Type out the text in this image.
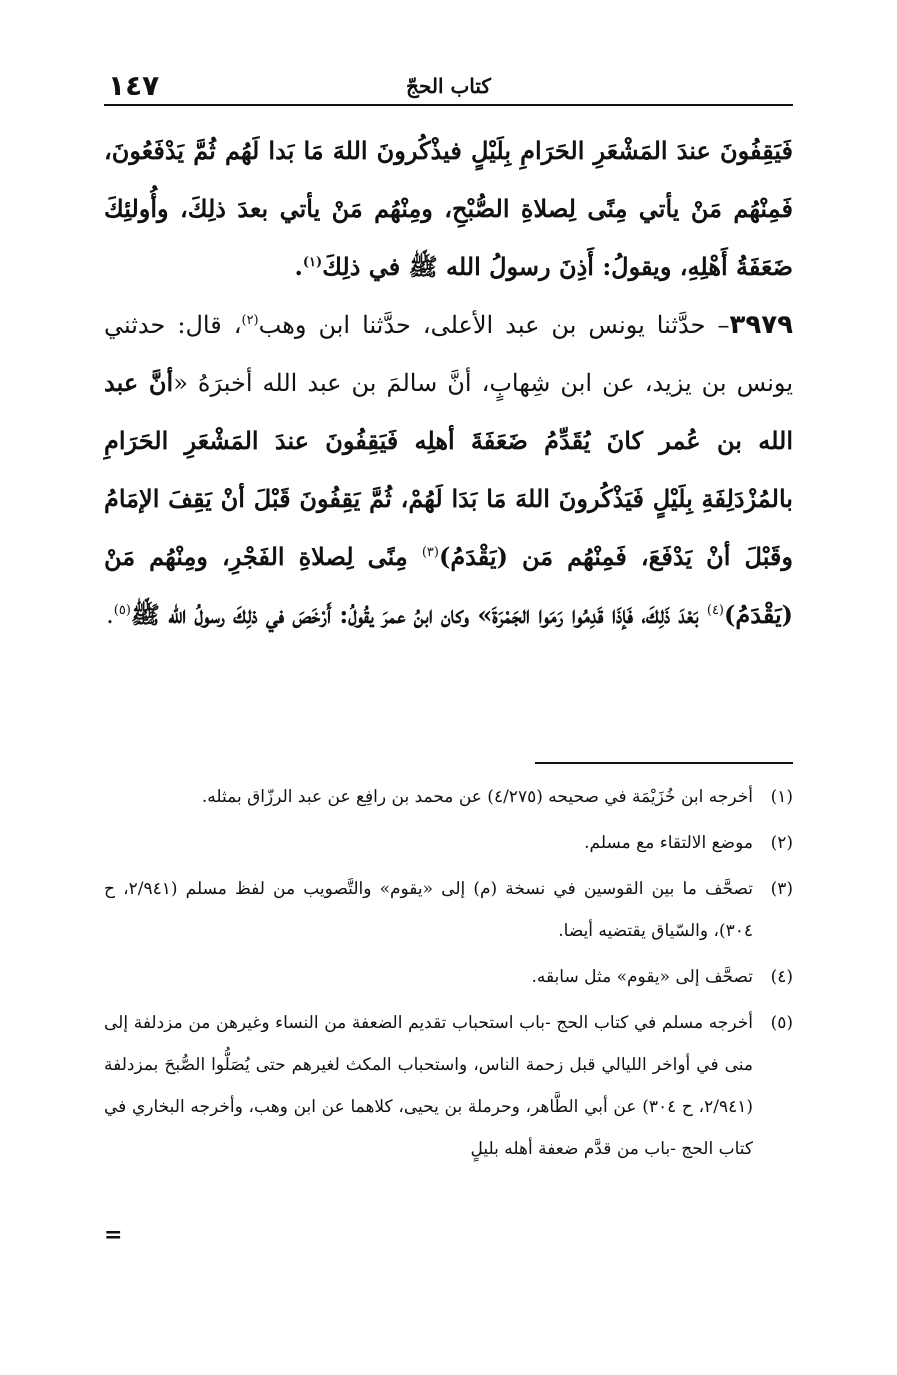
١٤٧	كتاب الحجّ

فَيَقِفُونَ عندَ المَشْعَرِ الحَرَامِ بِلَيْلٍ فيذْكُرونَ اللهَ مَا بَدا لَهُم ثُمَّ يَدْفَعُونَ، فَمِنْهُم مَنْ يأتي مِنًى لِصلاةِ الصُّبْحِ، ومِنْهُم مَنْ يأتي بعدَ ذلِكَ، وأُولئِكَ ضَعَفَةُ أَهْلِهِ، ويقولُ: أَذِنَ رسولُ الله ﷺ في ذلِكَ$^{(١)}$.

٣٩٧٩– حدَّثنا يونس بن عبد الأعلى، حدَّثنا ابن وهب$^{(٢)}$، قال: حدثني يونس بن يزيد، عن ابن شِهابٍ، أنَّ سالمَ بن عبد الله أخبرَهُ «أنَّ عبد الله بن عُمر كانَ يُقَدِّمُ ضَعَفَةَ أهلِه فَيَقِفُونَ عندَ المَشْعَرِ الحَرَامِ بالمُزْدَلِفَةِ بِلَيْلٍ فَيَذْكُرونَ اللهَ مَا بَدَا لَهُمْ، ثُمَّ يَقِفُونَ قَبْلَ أنْ يَقِفَ الإمَامُ وقَبْلَ أنْ يَدْفَعَ، فَمِنْهُم مَن (يَقْدَمُ)$^{(٣)}$ مِنًى لِصلاةِ الفَجْرِ، ومِنْهُم مَنْ (يَقْدَمُ)$^{(٤)}$ بَعْدَ ذَلِكَ، فَإذَا قَدِمُوا رَمَوا الجَمْرَةَ» وكان ابنُ عمرَ يقُولُ: أَرْخَصَ في ذلِكَ رسولُ الله ﷺ$^{(٥)}$.

(١)أخرجه ابن خُزَيْمَة في صحيحه (٤/٢٧٥) عن محمد بن رافِع عن عبد الرزّاق بمثله.

(٢)موضع الالتقاء مع مسلم.

(٣)تصحَّف ما بين القوسين في نسخة (م) إلى «يقوم» والتَّصويب من لفظ مسلم (٢/٩٤١، ح ٣٠٤)، والسّياق يقتضيه أيضا.

(٤)تصحَّف إلى «يقوم» مثل سابقه.

(٥)أخرجه مسلم في كتاب الحج -باب استحباب تقديم الضعفة من النساء وغيرهن من مزدلفة إلى منى في أواخر الليالي قبل زحمة الناس، واستحباب المكث لغيرهم حتى يُصَلُّوا الصُّبحَ بمزدلفة (٢/٩٤١، ح ٣٠٤) عن أبي الطَّاهر، وحرملة بن يحيى، كلاهما عن ابن وهب، وأخرجه البخاري في كتاب الحج -باب من قدَّم ضعفة أهله بليلٍ

=
